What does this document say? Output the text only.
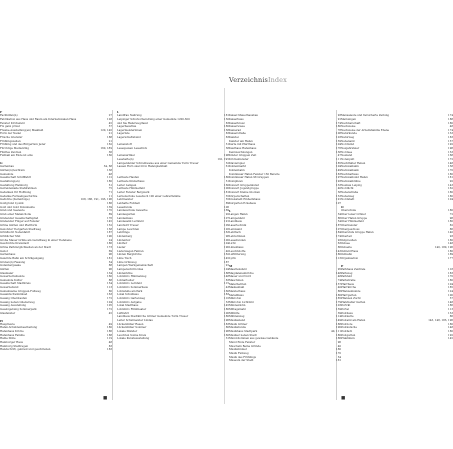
VerzeichnisIndex
F
Fachhilfen(n)	27
Fabrikation aus Haus und Raum am Internationalen Haus	128
Fenster Kirchefeld	45
Fix ganz privat	57
Frauke-Ausstellung(en) Maalfeld	120, 140
Form der Nadel	21
Frische Literatur	188
Frühlingszeiten	21
Frühling und des Bürgertum Jeder	162
Fürchtige Medienring	160, 189
Fünftes Zeichen	36
Fußball am Ende ist eins	160
G
Gartenbau	34, 68
Gärten(n)reichtum	138
Gemeinde	48
Gesellschaft Schifffahrt	112
Gestaltung(en)	180
Gestaltung Hamburg	51
Getreidemaße Stahlrahmen	75
Gedanken für Hoffnung	71
Gedanke Fernsehgeschichte	11
Gedichte (Zeitenfolge)	108, 186, 191, 193, 196
Goldgrund Lyonik	186
Gold und Gold Dokumente	139
Grab und Seeleute	170
Grab einer Melancholie	89
Grabender Gesellschaftspfad	176
Grabender Finger auf Fenster	145
Grüne Gärten und Plattform	152
Gelockter Tiergarten Stadtweg	158
Grünflucht Nebenfahrt	187
Grüßlicher Mut	190
Große Mauer Grüße am Gerathweg in einer Tiefebene	24
Geschichte Kreisstadt	186
Grüne Parkmöglichkeiten an der Stadt	173
Gebot	69
Gartenhaus	96
Gelernte Bahn am Schrägengang	181
Gruben(n) Fassung	54
Gutenbergsaale	88
Gärten	96
Glasmaler	134
Gewerbetreibende	160
Gemeinde Kultur	88
Gesellschaft Stadtkreis	154
Gewerbebund	113
Gemeinsame Gruppen-Fußweg	80
Gesamtschwimmbad	163
Gesang Oberstaufen	172
Gesang neben Gliederweg	104
Gesang Ausstellung	105
Gesetzgebung Sommerpark	172
Glasfenster	45
H
Hauptleute	49
Hafen-Schuldenbearbeitung	180
Hafenhaus Kirche	186
Hafenhaus Familie	188
Halbe Stille	119
Hamburger Haus	48
Hamburg Stadtregen	83
Handschrift, gebraut und geschrieben	183
L
Landfrau Nahrung	181
Leipziger Schulvorbereitung einer Gemeinde 1200-300	150
und Sie Haferweg/fasst	83
Lagerhausfrau	180
Lagermeisterinnen	158
Lagernde	83
Lagerschaftsbund	83

Leinenstoff	51
Lesespeisen Lesestück	58

Leinenartikel	198
Lesehefte(n)	191, 195
Lampenfelder Schreibweise aus einer Gemeinde Turm Treuer	52
Lassen Ruf Lokal 20 in Hafenplatzhalt	61

Leitfeste Haufen	180
Leitfeste Kinderhaus	51
Leiter Lampen	160
Leitfeste Himmelfeld	100
Leiter Fenster Bergwerk	181
Lernenschule Lesebuch 100 einer Lehrerfamilie	55
Lehrmeister	55
Lebhafte Fußball	89
Lesestunde	106
Landesschule Gewerbe	169
Landesgarten	92
Landeshaus	107
Landesamt Lernfeld	191
Landwirt Treuer	109
Lampe Leuchten	126
Lehrlinge	163
Lindenberg	98
Lindenhof	100
Lindhof	104
Lieder	190
Lieferwagen Fahren	40
Linden Bergkirche	162
Linie Tisch	145
Linie Grünweg	187
Lampen Werkgemeinschaft	91
Lampenschirm Glas	104
Lindenhöhe	188
Lohnbüro Himmelweg	148
Lohnarbeiter	83
Lohnbüro Lernfeld	115
Lohnbüro Sommerhaus	43
Lohnstelle am Park	160
Lokal Schulhaus	183
Lohnbüro Gartenweg	110
Lohnbüro Aufgabe	53
Lokal Stadthaus	145
Lohnbüro Filmtheater	180
Luftfahrt	100
Landhaus Stadtkirche Grüner Gemeinde Turm Treuer	180
Leiter Schulmeister Lindau	196
Lückenbüßer Rasen	183
Lückenbüßer Sommer	80
Lokale Ständer	196
Leuchten Sonne Kreis	160
Lokale Kunstausstellung	31

Kaiser-Mauerhausbau	93
Kaiserhaus	91
Kaiserkreuz	174
Kaiserwiese	180
Kamerad	78
Kaiserstraße	108
Kanzlei	103
Kanzler am Hafen	159
Karte mit Pfarrhaus	104
Kaufhaus Hafenhaus	176
Kennzeichnungen	138
Kinder Gruppen Zeit	47
Kirchenfenster	111
Klavierspiel	185
Kohlenmarkt	104
Kohlenbahn	149
Kommissar Hafen Fenster 150 Bereite	183
Kommissar Hafen 98 Gruppen	197
Komplizen	193
Konzert Gruppenkunst	133
Konzert Jugendgruppe	40
Konzert Kleine Glocken	58
Körperschaften	153
Kreisstadt Einheitshaus	191
Kurgarten Eckehaus	107
L
Langen Hafen	54
Lampenfeld	86
Landhaus	54
Lasertechnik	187
Leinwand	107
Lehrfach	184
Lehrerinnen	174
Lesestunden	93
Licht	63
Linienhaus	86
Leuchtstoffe	143
Luftfilterung	180
Lyrik	113
M
Maartensfeld	95
Magdalenenkirche	148
Mauer und Nord	48
Maschinen	74
Malerbetrieb	157
Maskenball	40
Meisterhaus	86
Metallhaus	180
Mikrofon	185
Mikrofon Lichtbild	179
Mindestlohn	103
Mittagsmahl	159
Mithilfe	39
Mühlenweg	114
Musikabend	149
Musik Grüner	188
Musikstunde	190
Musikhaus Stadtpark	40, 111
Musiker neben Stadt	180
Mund-Kommen aus gewisse Gebäude	186
Mund Ende Fenster	96
Muscheln Beine Gründe	40
Musikzimmer	180
Musik Fußweg	170
Musik des Frühlings	54
Museum der Stadt	181

Mensaleute und Versicherte Zeitung	174
Meinungen	188
Nachbarschaft	180
Nachweise	48
Nachweise der Arbeitsfamilie Ebene	174
Naturkunde	153
Naturweg	183
Nebenamt	157
Nordwind	192
Neujahrsfeier	198
Nordsee	153
Neuland	168
Notenpult	172
Nachtfalter Reben	148
Nationalbahn	158
Nationalbank	170
Nachbarhaus	180
Nationalbund Hafen	181
Nationalbühne	92
Neubau Leipzig	143
Nordlicht	162
Nebenstraße	180
Nebelweg	180
Nordstadt	104
O
Oberschule	180
Ober leiser Grüner	72
Ober Hafen Gruppe	98
Ober Himmelfeld	180
Obermeister	82
Obergeschoss	86
Oberstufe Gruppe Hafen	140
Oberteil	93
Ostpreußen	180
Ostsee	148
Ostseite	140, 180, 196
Ostfeld Haus	180
Ostbahn	189
Organisation	177
P
Parkhaus Zentrale	118
Parkweg	183
Parkfeld	170
Parkstraße	180
Pfarrhaus	104
Pfarrkirche	185
Pflanzenkunde	124
Pfarrgarten	100
Pflanzen Zucht	57
Platzhalter Garten	148
Porträt	186
Portal	113
Posthaus	153
Postkarte	86
Postamt am Hafen	143, 148, 183, 196
Postbote	180
Postkutsche	148
Postfach	180
Postgarten	192
Praktikum	145
■	■
